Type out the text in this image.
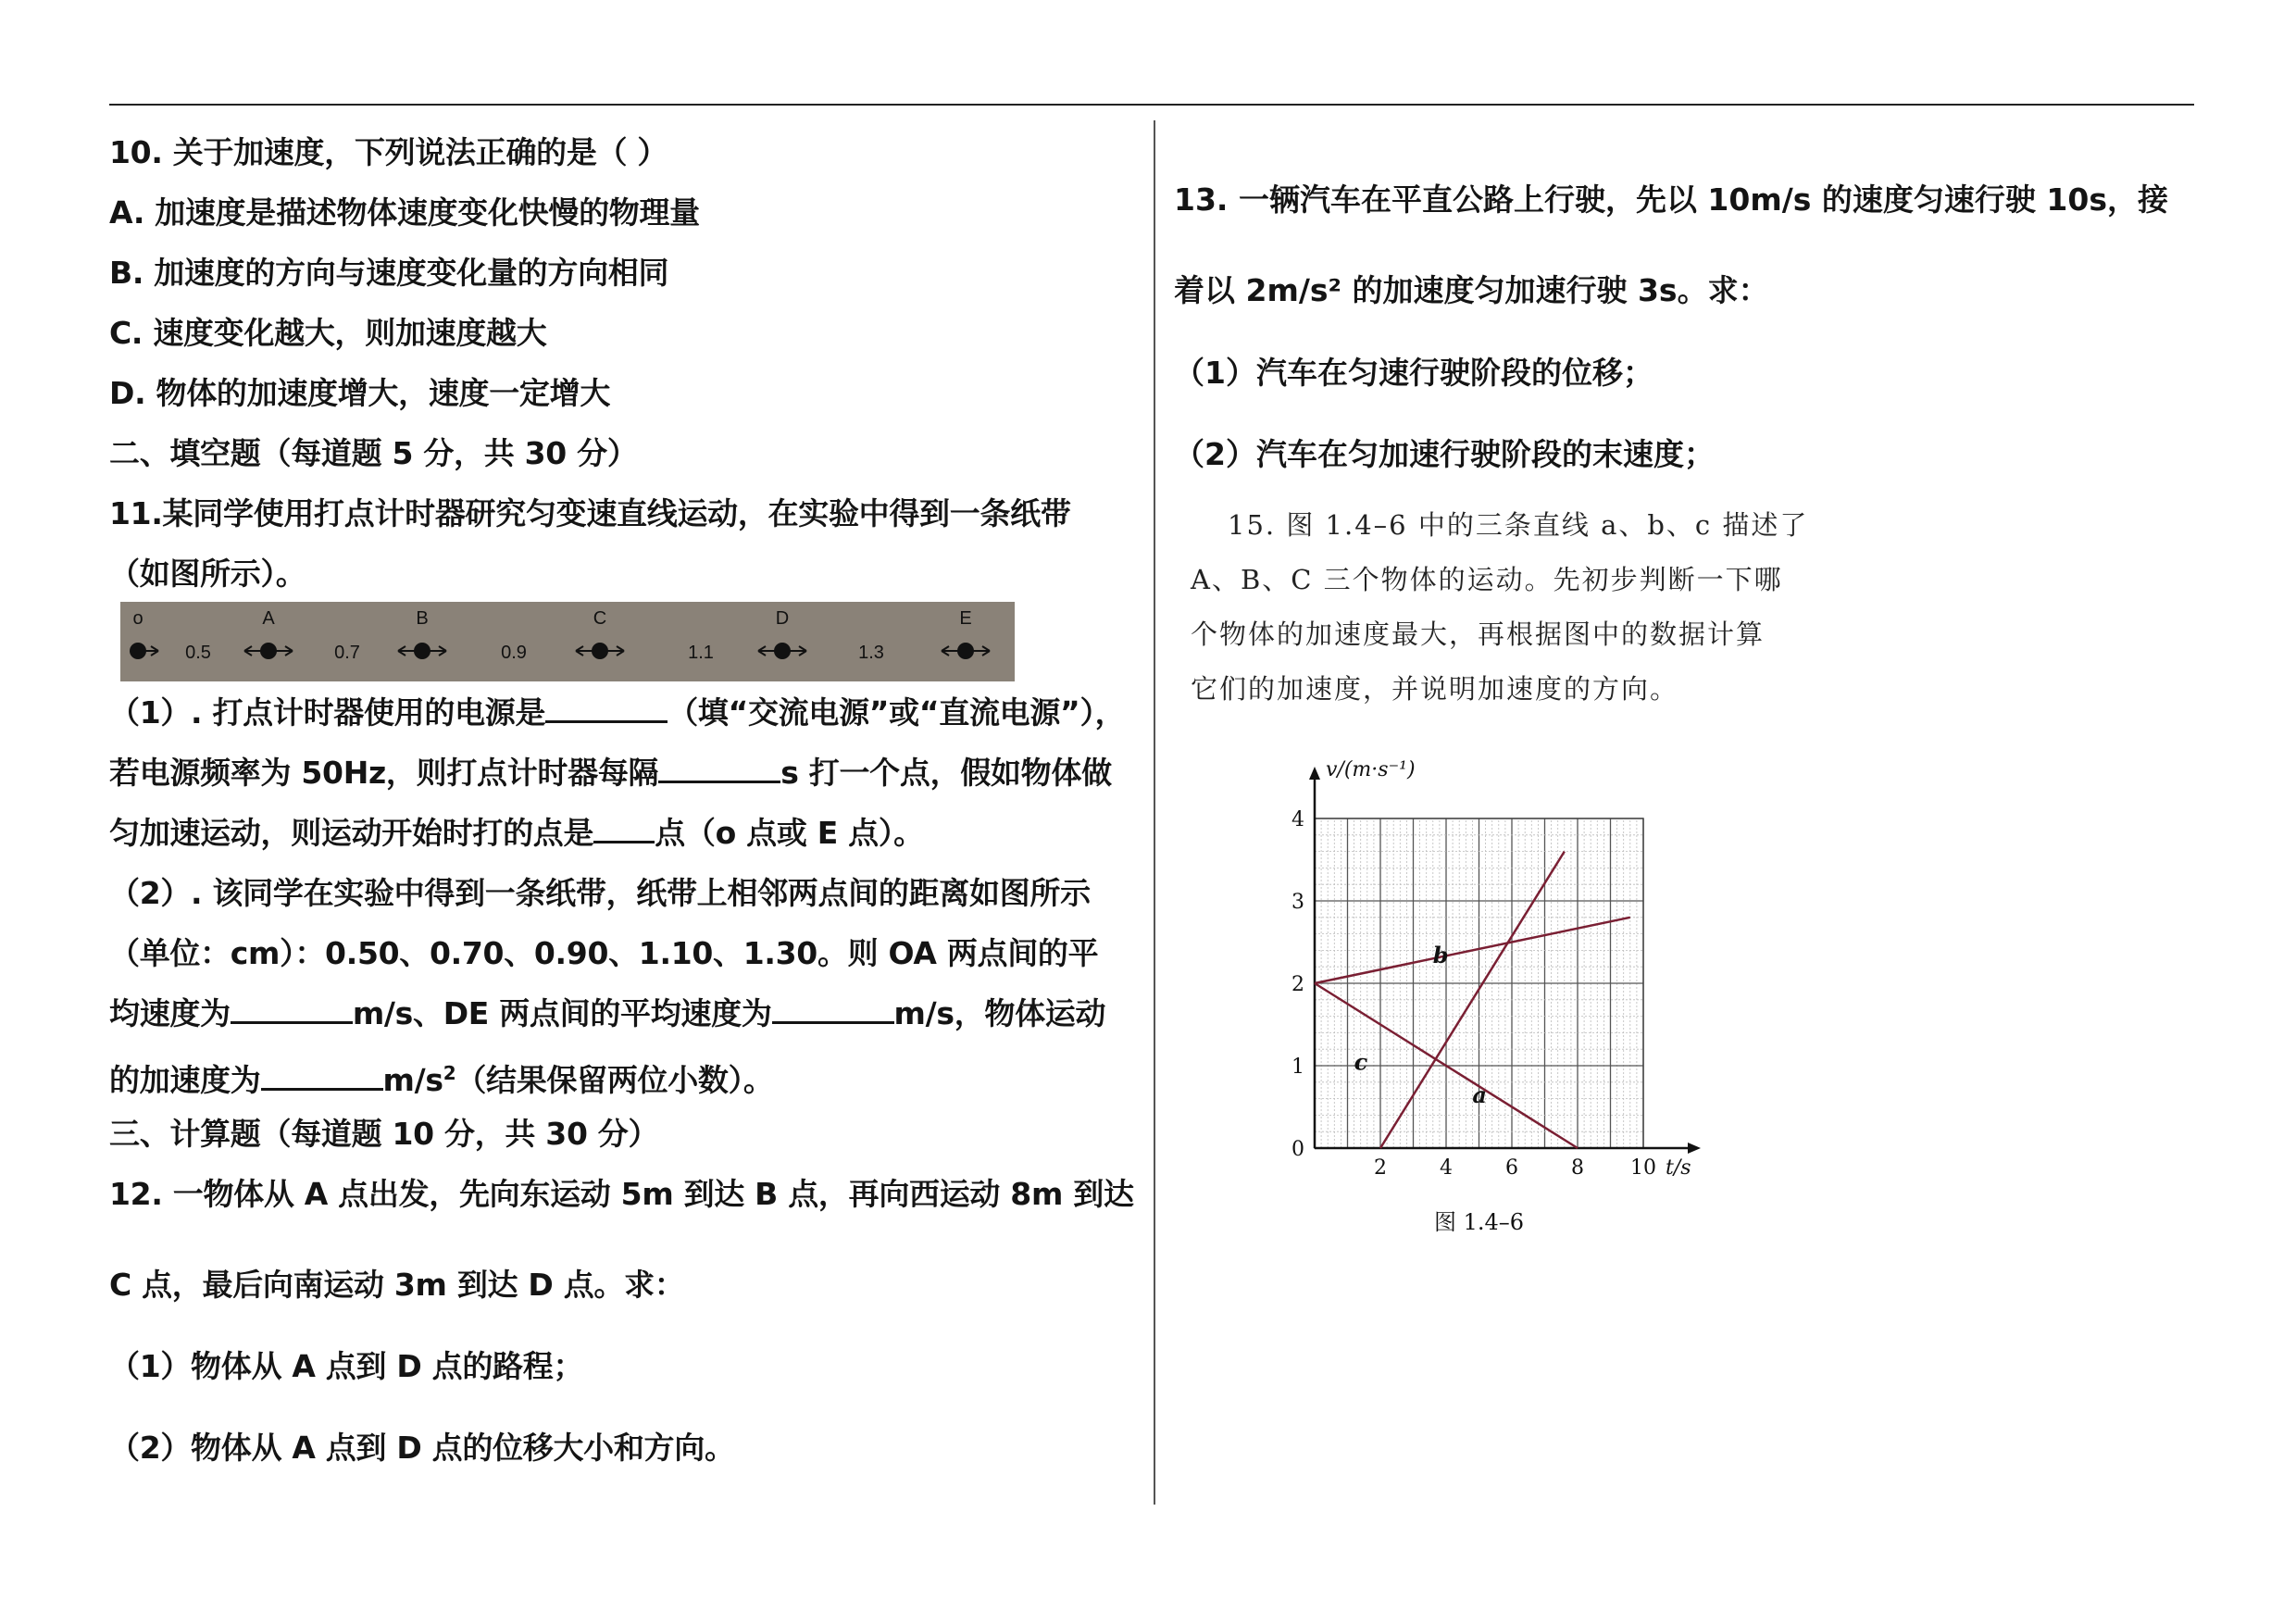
10. 关于加速度，下列说法正确的是（ ）
A. 加速度是描述物体速度变化快慢的物理量
B. 加速度的方向与速度变化量的方向相同
C. 速度变化越大，则加速度越大
D. 物体的加速度增大，速度一定增大
二、填空题（每道题 5 分，共 30 分）
11.某同学使用打点计时器研究匀变速直线运动，在实验中得到一条纸带
（如图所示）。
（1）. 打点计时器使用的电源是	（填“交流电源”或“直流电源”），
若电源频率为 50Hz，则打点计时器每隔	s 打一个点，假如物体做
匀加速运动，则运动开始时打的点是 点（o 点或 E 点）。
（2）. 该同学在实验中得到一条纸带，纸带上相邻两点间的距离如图所示
（单位：cm）：0.50、0.70、0.90、1.10、1.30。则 OA 两点间的平
均速度为	m/s、DE 两点间的平均速度为	m/s，物体运动
的加速度为	$m/s^2$（结果保留两位小数）。
三、计算题（每道题 10 分，共 30 分）
12. 一物体从 A 点出发，先向东运动 5m 到达 B 点，再向西运动 8m 到达
C 点，最后向南运动 3m 到达 D 点。求：
（1）物体从 A 点到 D 点的路程；
（2）物体从 A 点到 D 点的位移大小和方向。
o	A	B	C	D	E
0.5	0.7	0.9	1.1	1.3
13. 一辆汽车在平直公路上行驶，先以 10m/s 的速度匀速行驶 10s，接
着以 2m/s² 的加速度匀加速行驶 3s。求：
（1）汽车在匀速行驶阶段的位移；
（2）汽车在匀加速行驶阶段的末速度；
15. 图 1.4–6 中的三条直线 a、b、c 描述了
A、B、C 三个物体的运动。先初步判断一下哪
个物体的加速度最大，再根据图中的数据计算
它们的加速度，并说明加速度的方向。
0
1
2
3
4
2	4	6	8 10
v/(m·s⁻¹)
t/s
a
b
c
图 1.4–6
